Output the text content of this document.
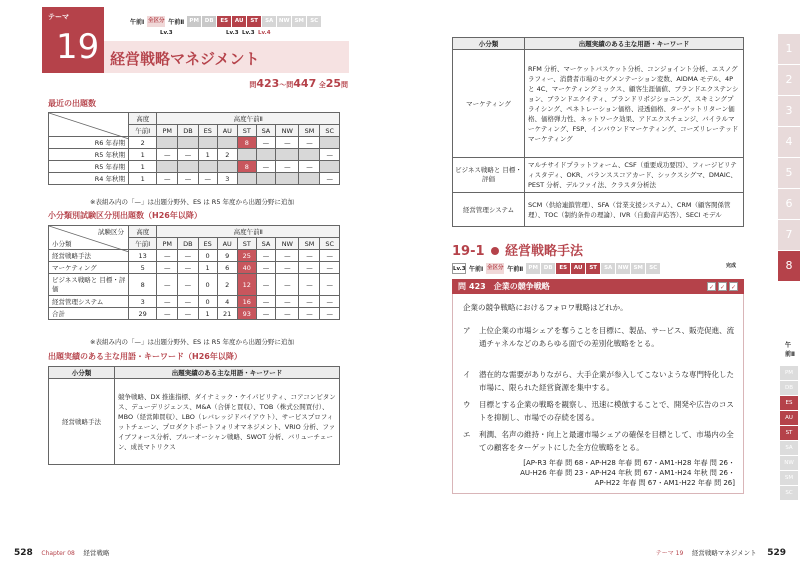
テーマ
19
午前Ⅰ 全区分 午前Ⅱ PM	DB	ES	AU	ST	SA	NW SM	SC
Lv.3	Lv.3 Lv.3 Lv.4
経営戦略マネジメント
問423〜問447 全25問
最近の出題数
	高度	高度午前Ⅱ								
	午前Ⅰ	PM	DB	ES	AU	ST	SA	NW	SM	SC
R6 年春期	2					8	—	—	—	
R5 年秋期	1	—	—	1	2					—
R5 年春期	1					8	—	—	—	
R4 年秋期	1	—	—	—	3					—
※表組み内の「—」は出題分野外、ES は R5 年度から出題分野に追加
小分類別試験区分別出題数（H26年以降）
試験区分
小分類	高度	高度午前Ⅱ								
	午前Ⅰ	PM	DB	ES	AU	ST	SA	NW	SM	SC
経営戦略手法	13	—	—	0	9	25	—	—	—	—
マーケティング	5	—	—	1	6	40	—	—	—	—
ビジネス戦略と 目標・評価	8	—	—	0	2	12	—	—	—	—
経営管理システム	3	—	—	0	4	16	—	—	—	—
合計	29	—	—	1	21	93	—	—	—	—
※表組み内の「—」は出題分野外、ES は R5 年度から出題分野に追加
出題実績のある主な用語・キーワード（H26年以降）
小分類	出題実績のある主な用語・キーワード
経営戦略手法	競争戦略、DX 推進指標、ダイナミック・ケイパビリティ、コアコンピタンス、デューデリジェンス、M&A（合併と買収）、TOB（株式公開買付）、MBO（経営陣買収）、LBO（レバレッジドバイアウト）、サービスプロフィットチェーン、プロダクトポートフォリオマネジメント、VRIO 分析、ファイブフォース分析、ブルーオーシャン戦略、SWOT 分析、バリューチェーン、成長マトリクス
528 Chapter 08 経営戦略
小分類	出題実績のある主な用語・キーワード
マーケティング	RFM 分析、マーケットバスケット分析、コンジョイント分析、エスノグラフィー、消費者市場のセグメンテーション変数、AIDMA モデル、4P と 4C、マーケティングミックス、顧客生涯価値、ブランドエクステンション、ブランドエクイティ、ブランドリポジショニング、スキミングプライシング、ペネトレーション価格、浸透価格、ターゲットリターン価格、価格弾力性、ネットワーク効果、アドエクスチェンジ、バイラルマーケティング、FSP、インバウンドマーケティング、コーズリレーテッドマーケティング
ビジネス戦略と 目標・評価	マルチサイドプラットフォーム、CSF（重要成功要因）、フィージビリティスタディ、OKR、バランススコアカード、シックスシグマ、DMAIC、PEST 分析、デルファイ法、クラスタ分析法
経営管理システム	SCM（供給連鎖管理）、SFA（営業支援システム）、CRM（顧客関係管理）、TOC（制約条件の理論）、IVR（自動音声応答）、SECI モデル
19-1 経営戦略手法
Lv.3 午前Ⅰ 全区分 午前Ⅱ PM	DB	ES	AU	ST	SA	NW SM	SC	完成
問 423 企業の競争戦略	✓ ✓ ✓
企業の競争戦略におけるフォロワ戦略はどれか。
ア	上位企業の市場シェアを奪うことを目標に、製品、サービス、販売促進、流通チャネルなどのあらゆる面での差別化戦略をとる。
イ	潜在的な需要がありながら、大手企業が参入してこないような専門特化した市場に、限られた経営資源を集中する。
ウ	目標とする企業の戦略を観察し、迅速に模倣することで、開発や広告のコストを抑制し、市場での存続を図る。
エ	利潤、名声の維持・向上と最適市場シェアの確保を目標として、市場内の全ての顧客をターゲットにした全方位戦略をとる。
[AP-R3 年春 問 68・AP-H28 年春 問 67・AM1-H28 年春 問 26・
AU-H26 年春 問 23・AP-H24 年秋 問 67・AM1-H24 年秋 問 26・
AP-H22 年春 問 67・AM1-H22 年春 問 26]
1
2
3
4
5
6
7
8
午前Ⅱ
PM
DB
ES
AU
ST
SA
NW
SM
SC
テーマ 19 経営戦略マネジメント 529
